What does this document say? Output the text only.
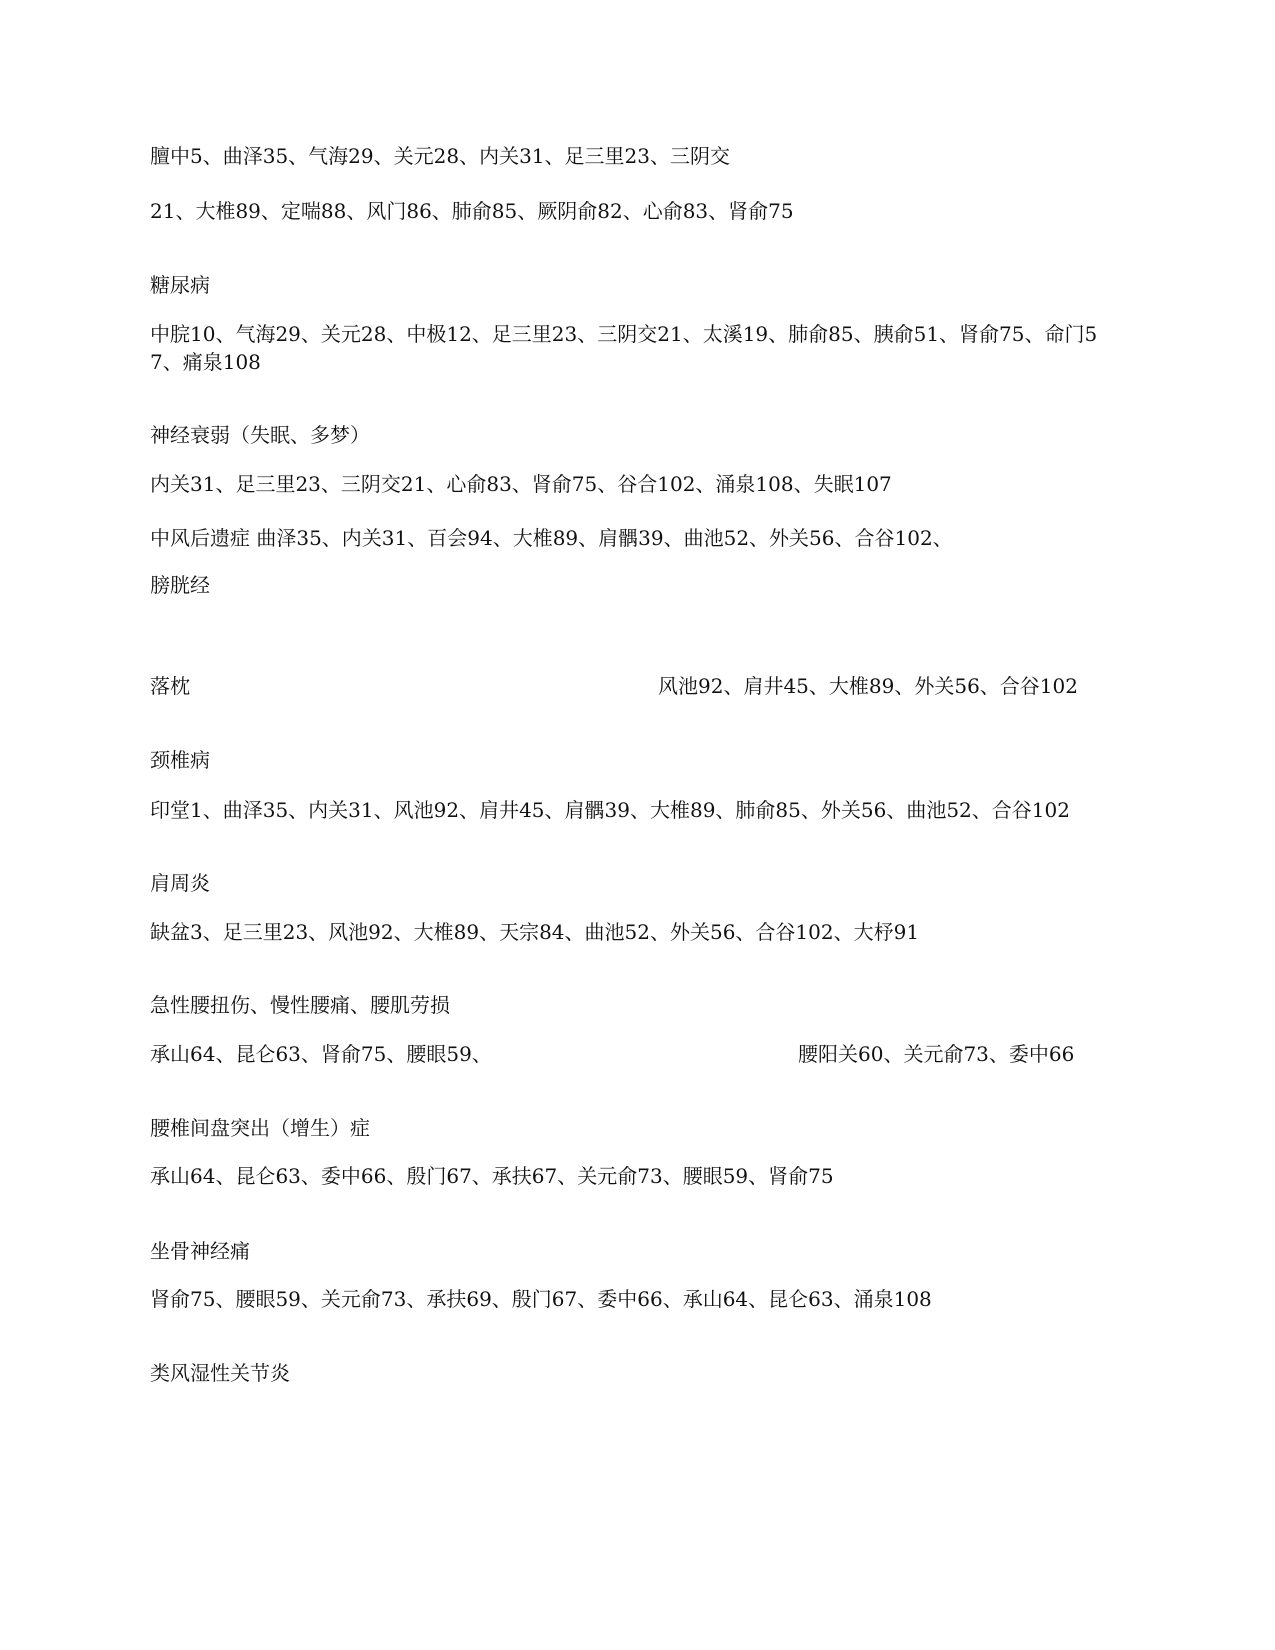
膻中5、曲泽35、气海29、关元28、内关31、足三里23、三阴交
21、大椎89、定喘88、风门86、肺俞85、厥阴俞82、心俞83、肾俞75
糖尿病
中脘10、气海29、关元28、中极12、足三里23、三阴交21、太溪19、肺俞85、胰俞51、肾俞75、命门5
7、痛泉108
神经衰弱（失眠、多梦）
内关31、足三里23、三阴交21、心俞83、肾俞75、谷合102、涌泉108、失眠107
中风后遗症 曲泽35、内关31、百会94、大椎89、肩髃39、曲池52、外关56、合谷102、
膀胱经
落枕	风池92、肩井45、大椎89、外关56、合谷102
颈椎病
印堂1、曲泽35、内关31、风池92、肩井45、肩髃39、大椎89、肺俞85、外关56、曲池52、合谷102
肩周炎
缺盆3、足三里23、风池92、大椎89、天宗84、曲池52、外关56、合谷102、大杼91
急性腰扭伤、慢性腰痛、腰肌劳损
承山64、昆仑63、肾俞75、腰眼59、	腰阳关60、关元俞73、委中66
腰椎间盘突出（增生）症
承山64、昆仑63、委中66、殷门67、承扶67、关元俞73、腰眼59、肾俞75
坐骨神经痛
肾俞75、腰眼59、关元俞73、承扶69、殷门67、委中66、承山64、昆仑63、涌泉108
类风湿性关节炎
